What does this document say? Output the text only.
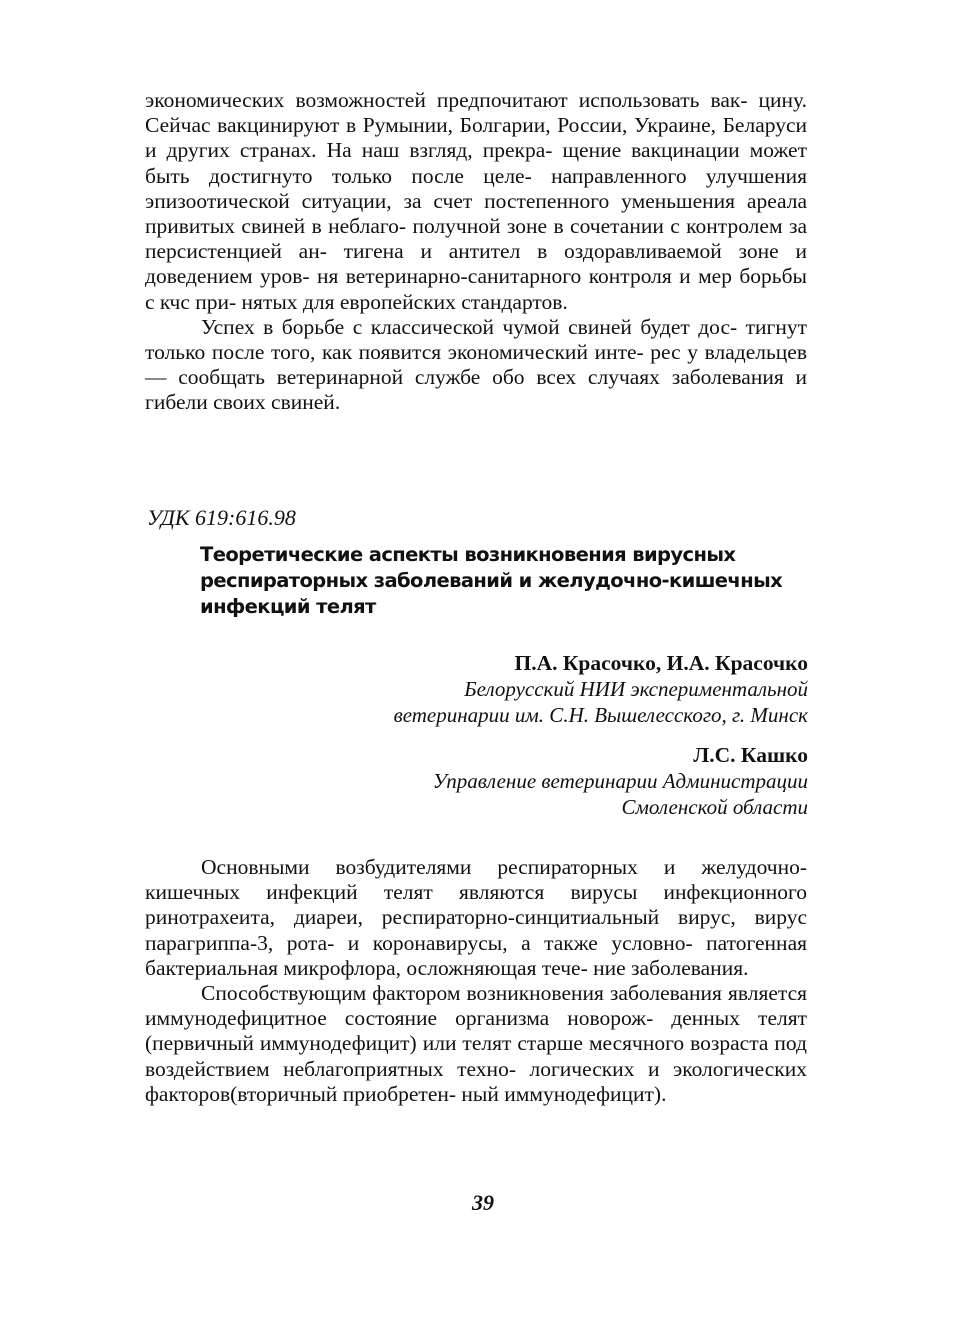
экономических возможностей предпочитают использовать вак- цину. Сейчас вакцинируют в Румынии, Болгарии, России, Украине, Беларуси и других странах. На наш взгляд, прекра- щение вакцинации может быть достигнуто только после целе- направленного улучшения эпизоотической ситуации, за счет постепенного уменьшения ареала привитых свиней в неблаго- получной зоне в сочетании с контролем за персистенцией ан- тигена и антител в оздоравливаемой зоне и доведением уров- ня ветеринарно-санитарного контроля и мер борьбы с кчс при- нятых для европейских стандартов.

Успех в борьбе с классической чумой свиней будет дос- тигнут только после того, как появится экономический инте- рес у владельцев — сообщать ветеринарной службе обо всех случаях заболевания и гибели своих свиней.

УДК 619:616.98

Теоретические аспекты возникновения вирусных респираторных заболеваний и желудочно-кишечных инфекций телят

П.А. Красочко, И.А. Красочко

Белорусский НИИ экспериментальной
ветеринарии им. С.Н. Вышелесского, г. Минск

Л.С. Кашко

Управление ветеринарии Администрации
Смоленской области

Основными возбудителями респираторных и желудочно- кишечных инфекций телят являются вирусы инфекционного ринотрахеита, диареи, респираторно-синцитиальный вирус, вирус парагриппа-3, рота- и коронавирусы, а также условно- патогенная бактериальная микрофлора, осложняющая тече- ние заболевания.

Способствующим фактором возникновения заболевания является иммунодефицитное состояние организма новорож- денных телят (первичный иммунодефицит) или телят старше месячного возраста под воздействием неблагоприятных техно- логических и экологических факторов(вторичный приобретен- ный иммунодефицит).

39
